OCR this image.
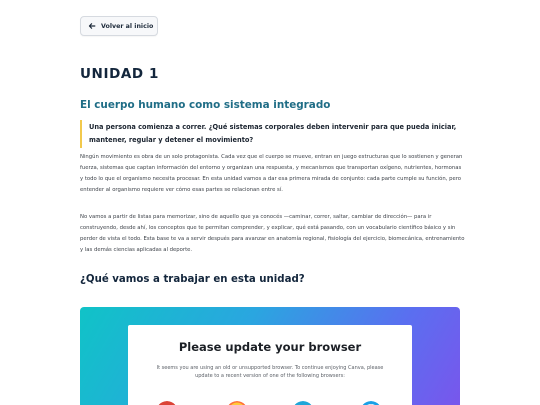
Volver al inicio
UNIDAD 1
El cuerpo humano como sistema integrado
Una persona comienza a correr. ¿Qué sistemas corporales deben intervenir para que pueda iniciar, mantener, regular y detener el movimiento?

Ningún movimiento es obra de un solo protagonista. Cada vez que el cuerpo se mueve, entran en juego estructuras que lo sostienen y generan fuerza, sistemas que captan información del entorno y organizan una respuesta, y mecanismos que transportan oxígeno, nutrientes, hormonas y todo lo que el organismo necesita procesar. En esta unidad vamos a dar esa primera mirada de conjunto: cada parte cumple su función, pero entender al organismo requiere ver cómo esas partes se relacionan entre sí.

No vamos a partir de listas para memorizar, sino de aquello que ya conocés —caminar, correr, saltar, cambiar de dirección— para ir construyendo, desde ahí, los conceptos que te permitan comprender, y explicar, qué está pasando, con un vocabulario científico básico y sin perder de vista el todo. Esta base te va a servir después para avanzar en anatomía regional, fisiología del ejercicio, biomecánica, entrenamiento y las demás ciencias aplicadas al deporte.

¿Qué vamos a trabajar en esta unidad?
Please update your browser
It seems you are using an old or unsupported browser. To continue enjoying Canva, please update to a recent version of one of the following browsers:
